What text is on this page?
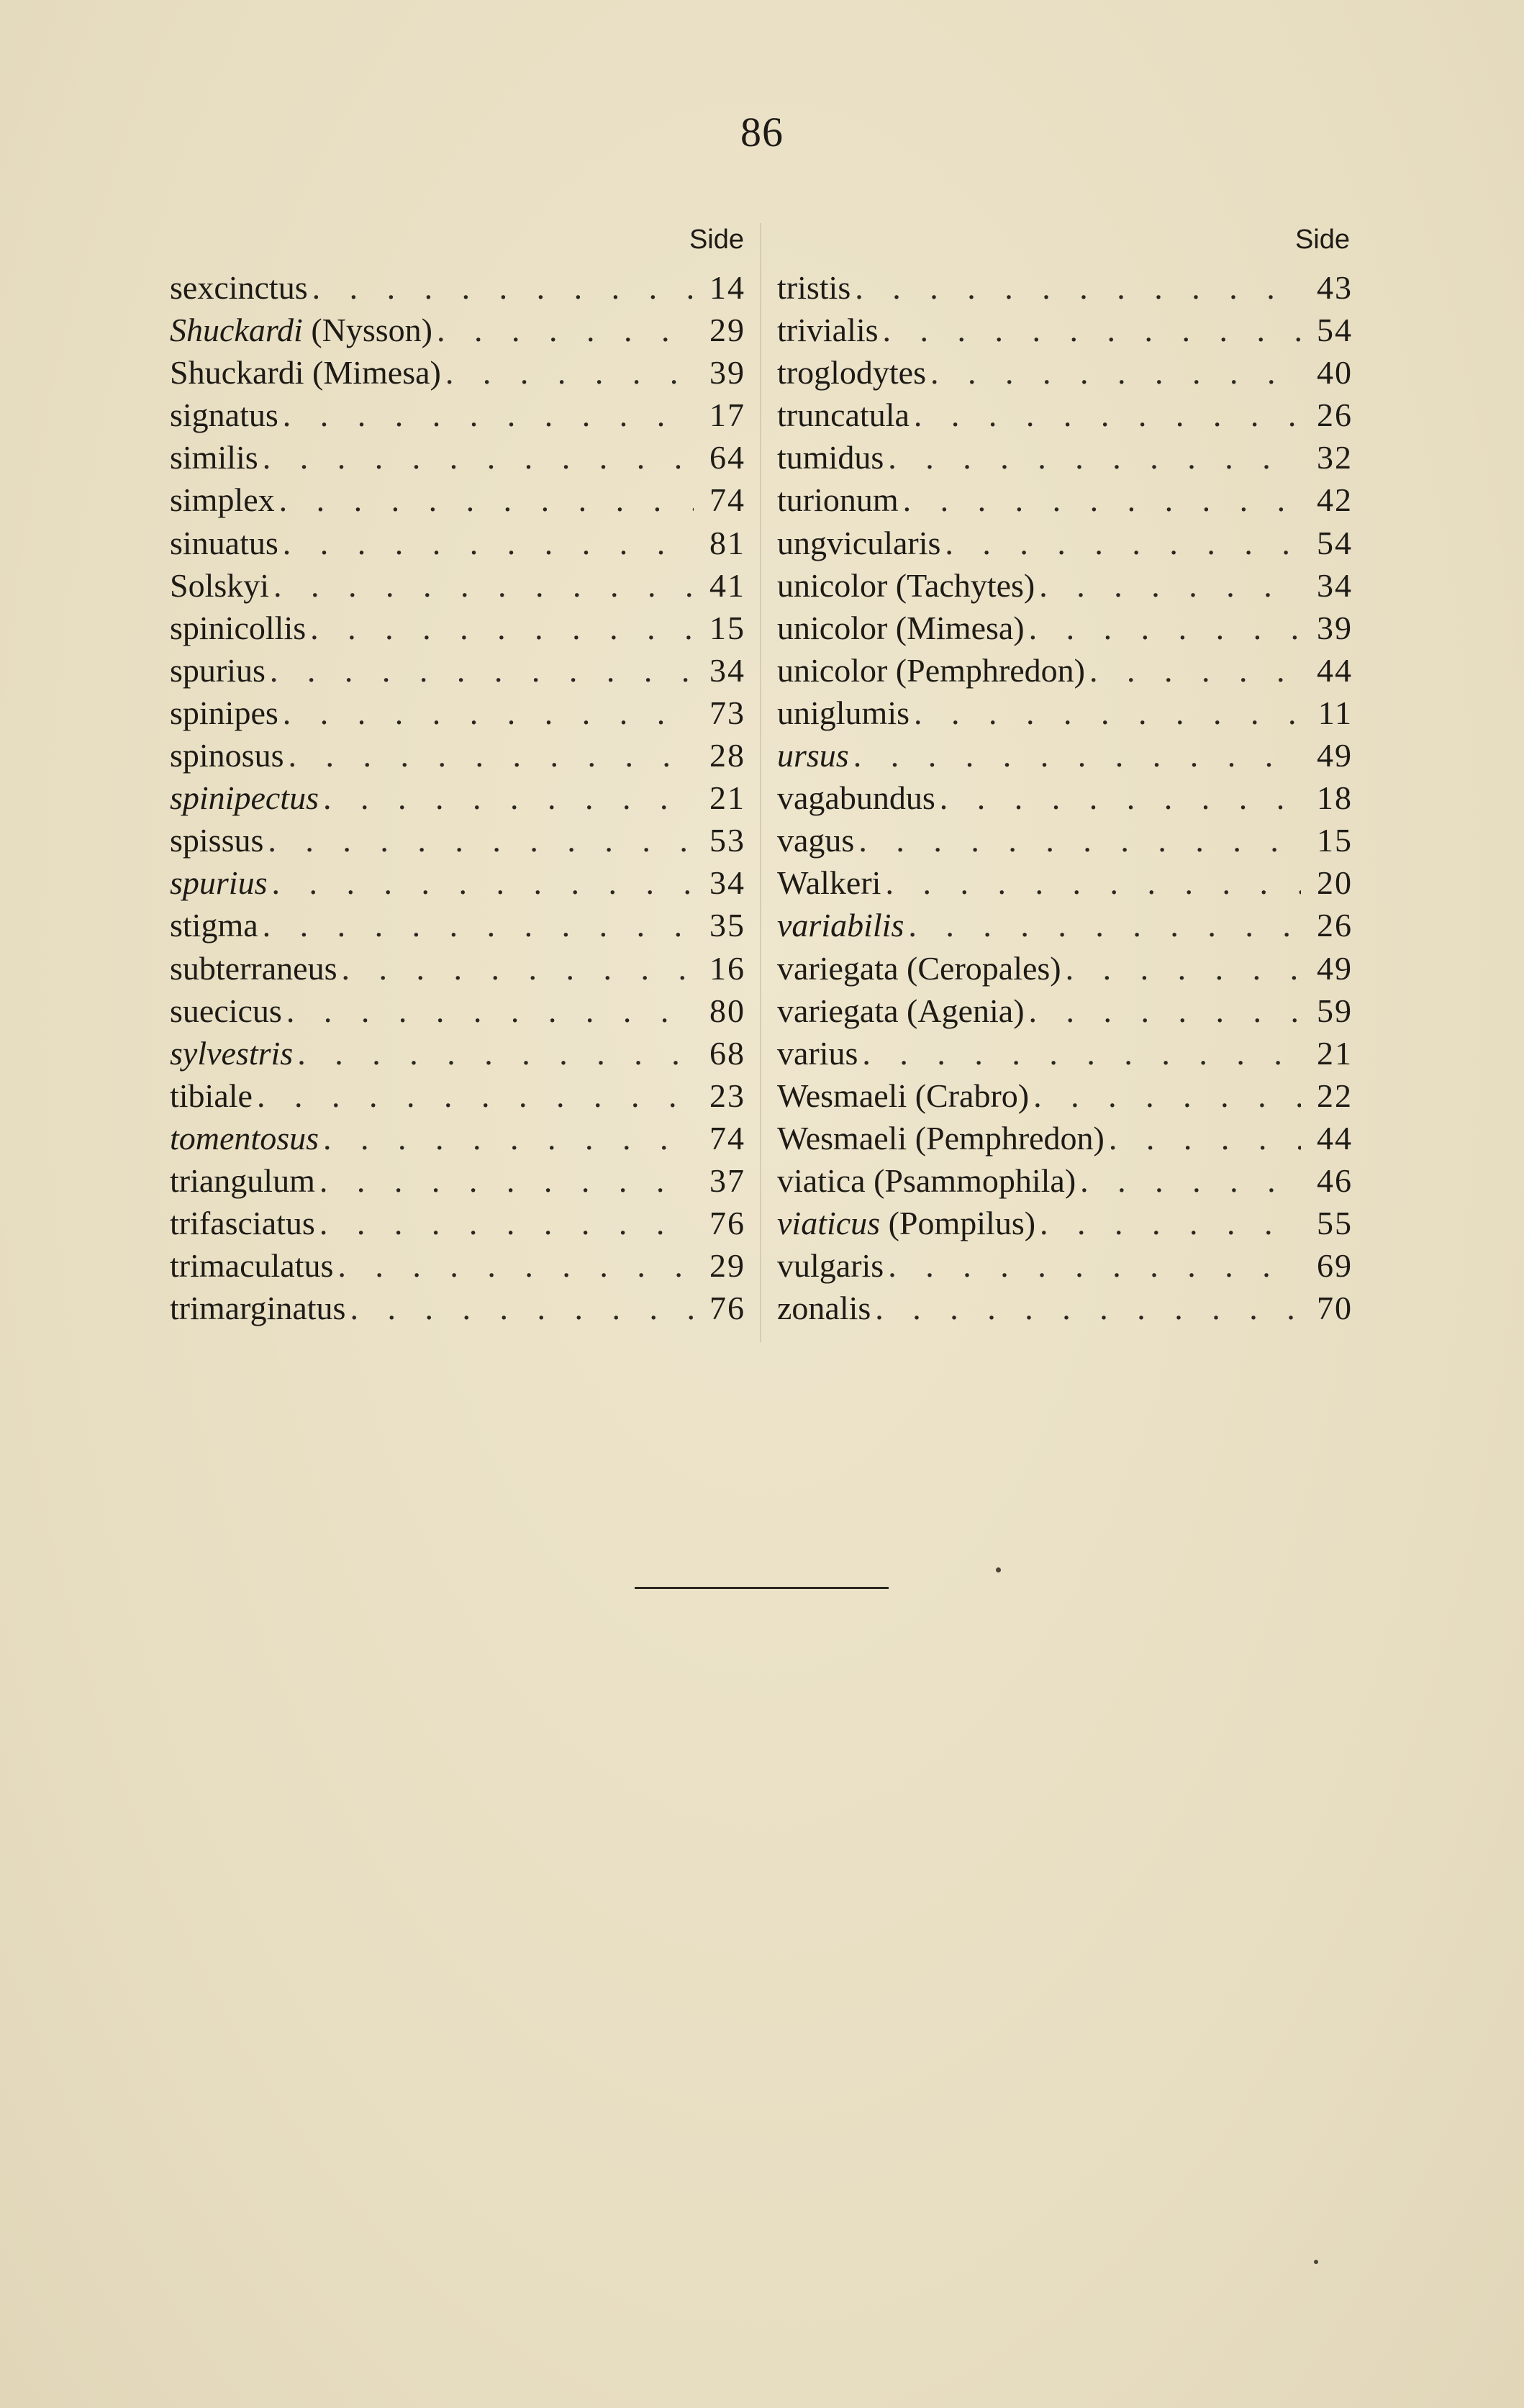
86
Side	Side
sexcinctus . . .	14
Shuckardi (Nysson) . . .	29
Shuckardi (Mimesa) . . .	39
signatus . . .	17
similis . . .	64
simplex . . .	74
sinuatus . . .	81
Solskyi . . .	41
spinicollis . . .	15
spurius . . .	34
spinipes . . .	73
spinosus . . .	28
spinipectus . . .	21
spissus . . .	53
spurius . . .	34
stigma . . .	35
subterraneus . . .	16
suecicus . . .	80
sylvestris . . .	68
tibiale . . .	23
tomentosus . . .	74
triangulum . . .	37
trifasciatus . . .	76
trimaculatus . . .	29
trimarginatus . . .	76
tristis . . .	43
trivialis . . .	54
troglodytes . . .	40
truncatula . . .	26
tumidus . . .	32
turionum . . .	42
ungvicularis . . .	54
unicolor (Tachytes) . . .	34
unicolor (Mimesa) . . .	39
unicolor (Pemphredon) . . .	44
uniglumis . . .	11
ursus . . .	49
vagabundus . . .	18
vagus . . .	15
Walkeri . . .	20
variabilis . . .	26
variegata (Ceropales) . . .	49
variegata (Agenia) . . .	59
varius . . .	21
Wesmaeli (Crabro) . . .	22
Wesmaeli (Pemphredon) . . .	44
viatica (Psammophila) . . .	46
viaticus (Pompilus) . . .	55
vulgaris . . .	69
zonalis . . .	70
